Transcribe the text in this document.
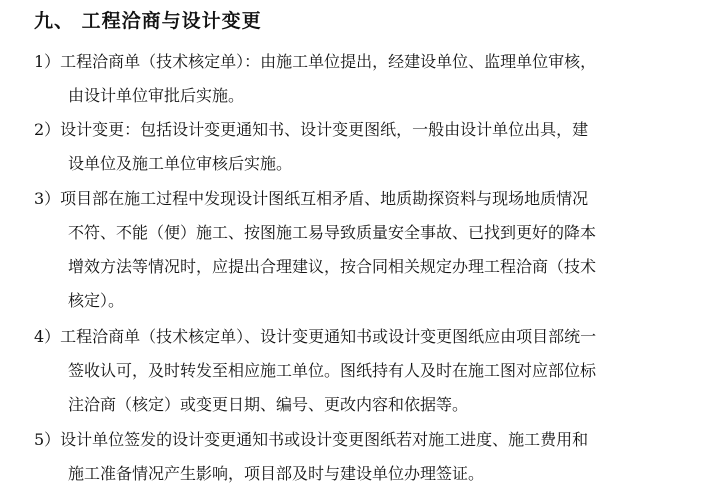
九、 工程洽商与设计变更
1）工程洽商单（技术核定单）：由施工单位提出，经建设单位、监理单位审核，
由设计单位审批后实施。
2）设计变更：包括设计变更通知书、设计变更图纸，一般由设计单位出具，建
设单位及施工单位审核后实施。
3）项目部在施工过程中发现设计图纸互相矛盾、地质勘探资料与现场地质情况
不符、不能（便）施工、按图施工易导致质量安全事故、已找到更好的降本
增效方法等情况时，应提出合理建议，按合同相关规定办理工程洽商（技术
核定）。
4）工程洽商单（技术核定单）、设计变更通知书或设计变更图纸应由项目部统一
签收认可，及时转发至相应施工单位。图纸持有人及时在施工图对应部位标
注洽商（核定）或变更日期、编号、更改内容和依据等。
5）设计单位签发的设计变更通知书或设计变更图纸若对施工进度、施工费用和
施工准备情况产生影响，项目部及时与建设单位办理签证。
